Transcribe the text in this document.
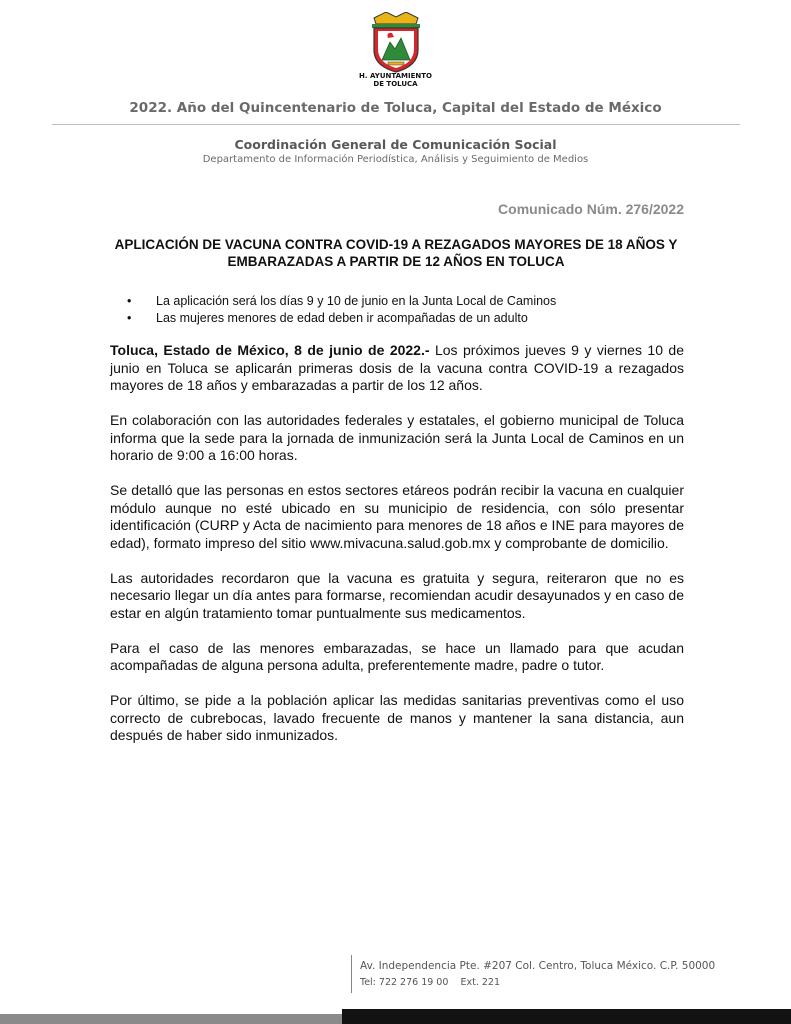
H. AYUNTAMIENTO
DE TOLUCA
2022. Año del Quincentenario de Toluca, Capital del Estado de México
Coordinación General de Comunicación Social
Departamento de Información Periodística, Análisis y Seguimiento de Medios
Comunicado Núm. 276/2022
APLICACIÓN DE VACUNA CONTRA COVID-19 A REZAGADOS MAYORES DE 18 AÑOS Y EMBARAZADAS A PARTIR DE 12 AÑOS EN TOLUCA
•	La aplicación será los días 9 y 10 de junio en la Junta Local de Caminos
•	Las mujeres menores de edad deben ir acompañadas de un adulto

Toluca, Estado de México, 8 de junio de 2022.- Los próximos jueves 9 y viernes 10 de junio en Toluca se aplicarán primeras dosis de la vacuna contra COVID-19 a rezagados mayores de 18 años y embarazadas a partir de los 12 años.

En colaboración con las autoridades federales y estatales, el gobierno municipal de Toluca informa que la sede para la jornada de inmunización será la Junta Local de Caminos en un horario de 9:00 a 16:00 horas.

Se detalló que las personas en estos sectores etáreos podrán recibir la vacuna en cualquier módulo aunque no esté ubicado en su municipio de residencia, con sólo presentar identificación (CURP y Acta de nacimiento para menores de 18 años e INE para mayores de edad), formato impreso del sitio www.mivacuna.salud.gob.mx y comprobante de domicilio.

Las autoridades recordaron que la vacuna es gratuita y segura, reiteraron que no es necesario llegar un día antes para formarse, recomiendan acudir desayunados y en caso de estar en algún tratamiento tomar puntualmente sus medicamentos.

Para el caso de las menores embarazadas, se hace un llamado para que acudan acompañadas de alguna persona adulta, preferentemente madre, padre o tutor.

Por último, se pide a la población aplicar las medidas sanitarias preventivas como el uso correcto de cubrebocas, lavado frecuente de manos y mantener la sana distancia, aun después de haber sido inmunizados.

Av. Independencia Pte. #207 Col. Centro, Toluca México. C.P. 50000
Tel: 722 276 19 00    Ext. 221
